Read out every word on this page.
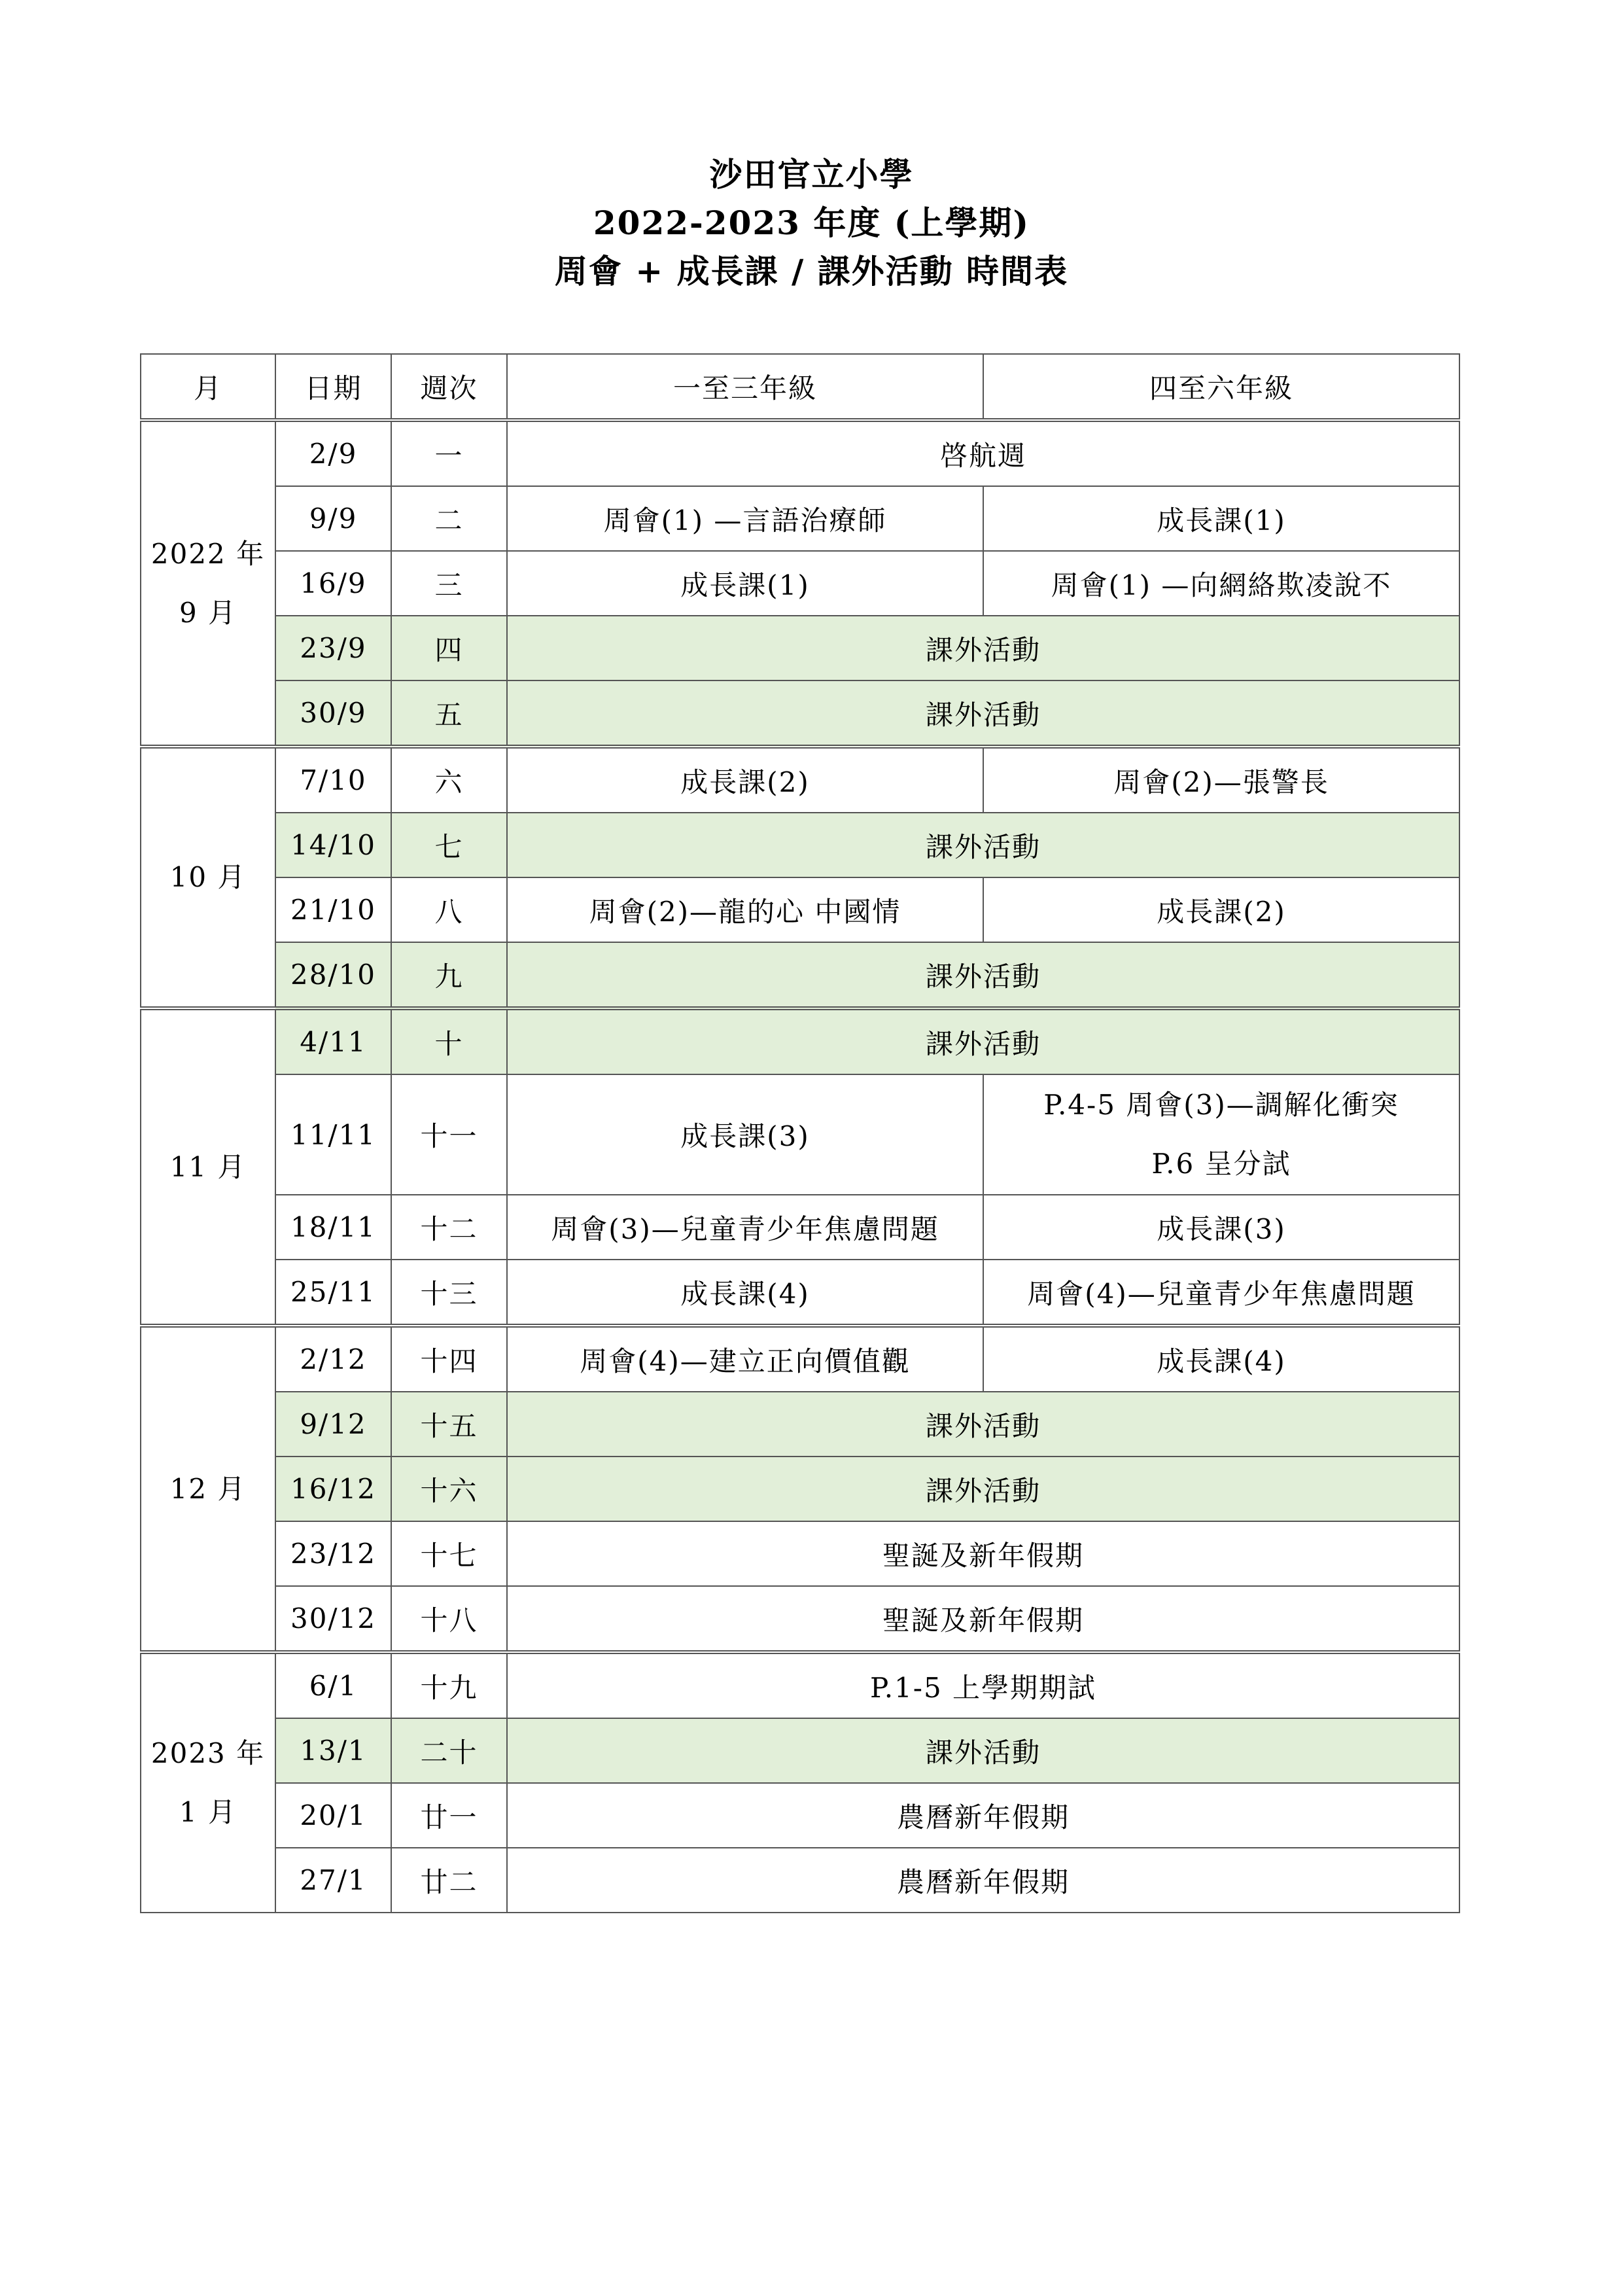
沙田官立小學
2022-2023 年度 (上學期)
周會 + 成長課 / 課外活動 時間表
月	日期	週次	一至三年級	四至六年級

2022 年
9 月	2/9	一	啓航週	
	9/9	二	周會(1) —言語治療師	成長課(1)
	16/9	三	成長課(1)	周會(1) —向網絡欺凌說不
	23/9	四	課外活動	
	30/9	五	課外活動	
10 月	7/10	六	成長課(2)	周會(2)—張警長
	14/10	七	課外活動	
	21/10	八	周會(2)—龍的心 中國情	成長課(2)
	28/10	九	課外活動	
11 月	4/11	十	課外活動	
	11/11	十一	成長課(3)	P.4-5 周會(3)—調解化衝突
P.6 呈分試

	18/11	十二	周會(3)—兒童青少年焦慮問題	成長課(3)
	25/11	十三	成長課(4)	周會(4)—兒童青少年焦慮問題
12 月	2/12	十四	周會(4)—建立正向價值觀	成長課(4)
	9/12	十五	課外活動	
	16/12	十六	課外活動	
	23/12	十七	聖誕及新年假期	
	30/12	十八	聖誕及新年假期	

2023 年
1 月	6/1	十九	P.1-5 上學期期試	
	13/1	二十	課外活動	
	20/1	廿一	農曆新年假期	
	27/1	廿二	農曆新年假期	
